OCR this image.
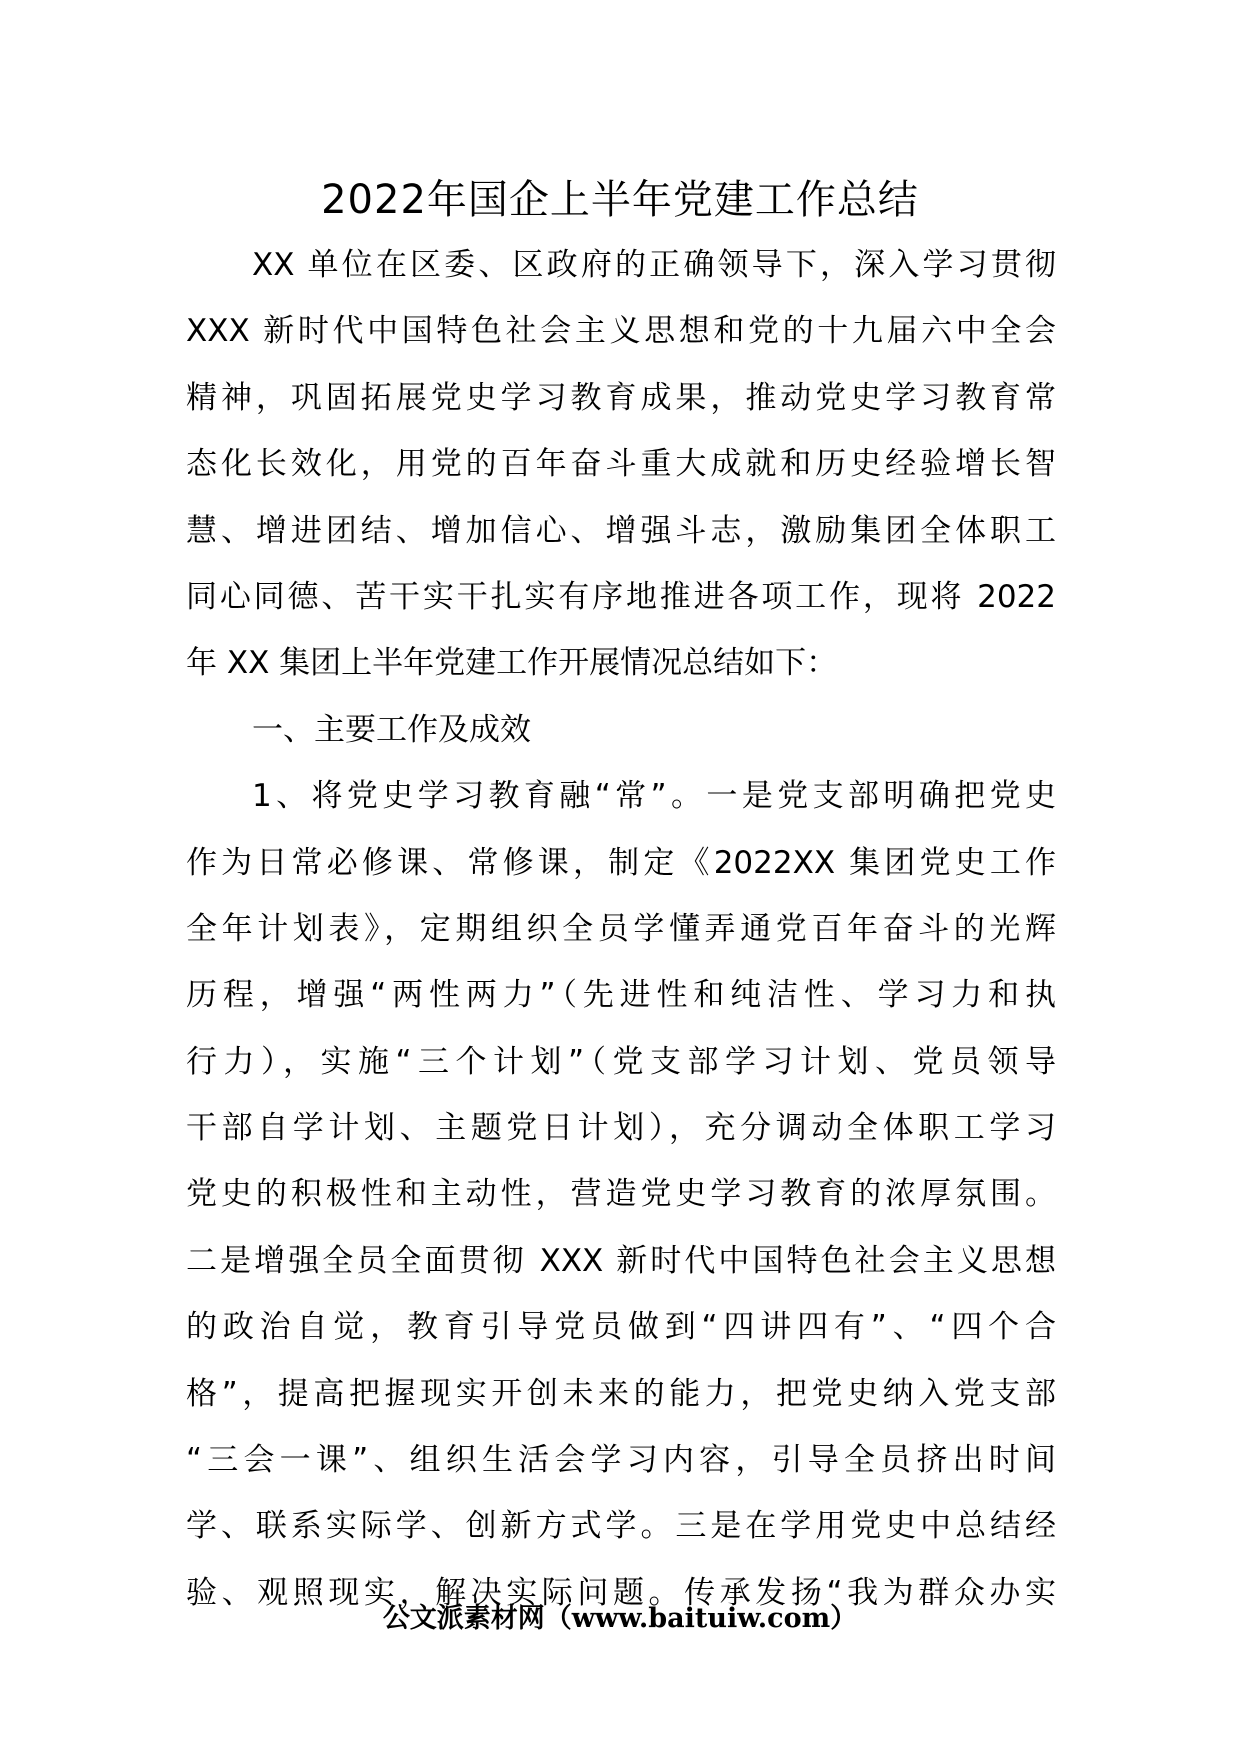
2022年国企上半年党建工作总结
XX 单位在区委、区政府的正确领导下，深入学习贯彻
XXX 新时代中国特色社会主义思想和党的十九届六中全会
精神，巩固拓展党史学习教育成果，推动党史学习教育常
态化长效化，用党的百年奋斗重大成就和历史经验增长智
慧、增进团结、增加信心、增强斗志，激励集团全体职工
同心同德、苦干实干扎实有序地推进各项工作，现将 2022
年 XX 集团上半年党建工作开展情况总结如下：
一、主要工作及成效
1、将党史学习教育融“常”。一是党支部明确把党史
作为日常必修课、常修课，制定《2022XX 集团党史工作
全年计划表》，定期组织全员学懂弄通党百年奋斗的光辉
历程，增强“两性两力”（先进性和纯洁性、学习力和执
行力），实施“三个计划”（党支部学习计划、党员领导
干部自学计划、主题党日计划），充分调动全体职工学习
党史的积极性和主动性，营造党史学习教育的浓厚氛围。
二是增强全员全面贯彻 XXX 新时代中国特色社会主义思想
的政治自觉，教育引导党员做到“四讲四有”、“四个合
格”，提高把握现实开创未来的能力，把党史纳入党支部
“三会一课”、组织生活会学习内容，引导全员挤出时间
学、联系实际学、创新方式学。三是在学用党史中总结经
验、观照现实，解决实际问题。传承发扬“我为群众办实
公文派素材网（www.baituiw.com）
